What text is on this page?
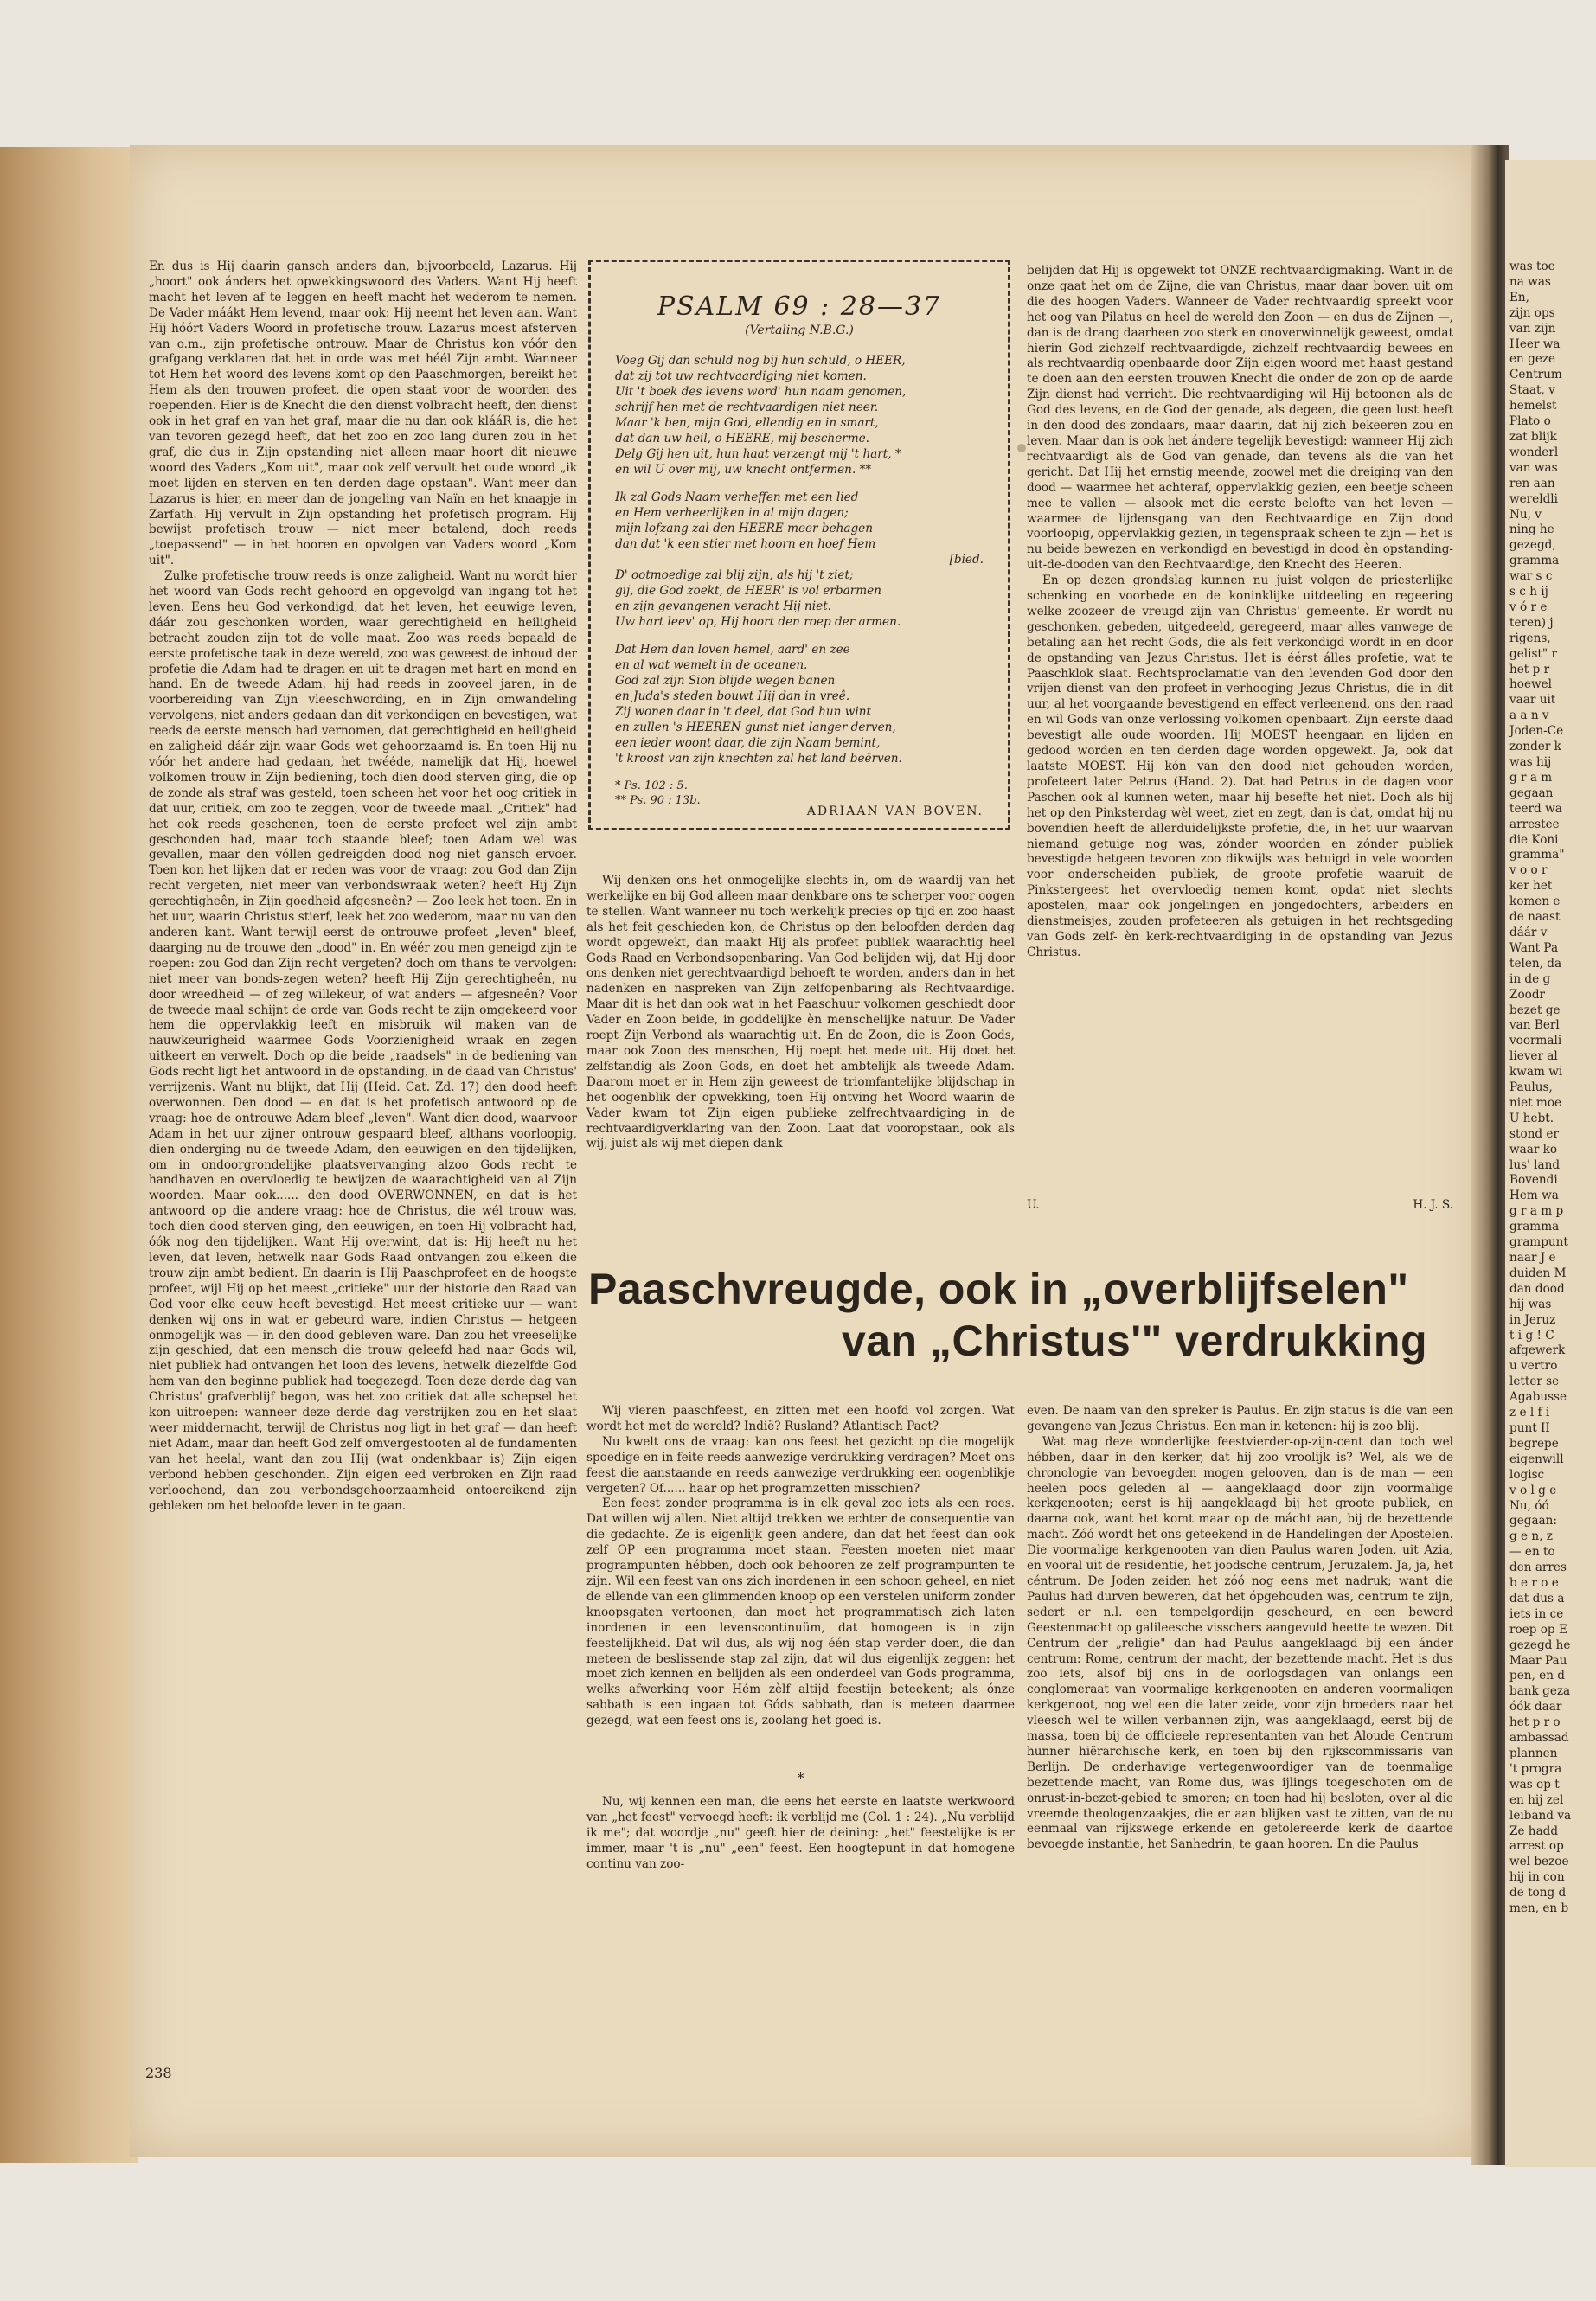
En dus is Hij daarin gansch anders dan, bijvoorbeeld, Lazarus. Hij „hoort" ook ánders het opwekkingswoord des Vaders. Want Hij heeft macht het leven af te leggen en heeft macht het wederom te nemen. De Vader máákt Hem levend, maar ook: Hij neemt het leven aan. Want Hij hóórt Vaders Woord in profetische trouw. Lazarus moest afsterven van o.m., zijn profetische ontrouw. Maar de Christus kon vóór den grafgang verklaren dat het in orde was met héél Zijn ambt. Wanneer tot Hem het woord des levens komt op den Paaschmorgen, bereikt het Hem als den trouwen profeet, die open staat voor de woorden des roependen. Hier is de Knecht die den dienst volbracht heeft, den dienst ook in het graf en van het graf, maar die nu dan ook klááR is, die het van tevoren gezegd heeft, dat het zoo en zoo lang duren zou in het graf, die dus in Zijn opstanding niet alleen maar hoort dit nieuwe woord des Vaders „Kom uit", maar ook zelf vervult het oude woord „ik moet lijden en sterven en ten derden dage opstaan". Want meer dan Lazarus is hier, en meer dan de jongeling van Naïn en het knaapje in Zarfath. Hij vervult in Zijn opstanding het profetisch program. Hij bewijst profetisch trouw — niet meer betalend, doch reeds „toepassend" — in het hooren en opvolgen van Vaders woord „Kom uit".

Zulke profetische trouw reeds is onze zaligheid. Want nu wordt hier het woord van Gods recht gehoord en opgevolgd van ingang tot het leven. Eens heu God verkondigd, dat het leven, het eeuwige leven, dáár zou geschonken worden, waar gerechtigheid en heiligheid betracht zouden zijn tot de volle maat. Zoo was reeds bepaald de eerste profetische taak in deze wereld, zoo was geweest de inhoud der profetie die Adam had te dragen en uit te dragen met hart en mond en hand. En de tweede Adam, hij had reeds in zooveel jaren, in de voorbereiding van Zijn vleeschwording, en in Zijn omwandeling vervolgens, niet anders gedaan dan dit verkondigen en bevestigen, wat reeds de eerste mensch had vernomen, dat gerechtigheid en heiligheid en zaligheid dáár zijn waar Gods wet gehoorzaamd is. En toen Hij nu vóór het andere had gedaan, het twééde, namelijk dat Hij, hoewel volkomen trouw in Zijn bediening, toch dien dood sterven ging, die op de zonde als straf was gesteld, toen scheen het voor het oog critiek in dat uur, critiek, om zoo te zeggen, voor de tweede maal. „Critiek" had het ook reeds geschenen, toen de eerste profeet wel zijn ambt geschonden had, maar toch staande bleef; toen Adam wel was gevallen, maar den vóllen gedreigden dood nog niet gansch ervoer. Toen kon het lijken dat er reden was voor de vraag: zou God dan Zijn recht vergeten, niet meer van verbondswraak weten? heeft Hij Zijn gerechtigheên, in Zijn goedheid afgesneên? — Zoo leek het toen. En in het uur, waarin Christus stierf, leek het zoo wederom, maar nu van den anderen kant. Want terwijl eerst de ontrouwe profeet „leven" bleef, daarging nu de trouwe den „dood" in. En wéér zou men geneigd zijn te roepen: zou God dan Zijn recht vergeten? doch om thans te vervolgen: niet meer van bonds-zegen weten? heeft Hij Zijn gerechtigheên, nu door wreedheid — of zeg willekeur, of wat anders — afgesneên? Voor de tweede maal schijnt de orde van Gods recht te zijn omgekeerd voor hem die oppervlakkig leeft en misbruik wil maken van de nauwkeurigheid waarmee Gods Voorzienigheid wraak en zegen uitkeert en verwelt. Doch op die beide „raadsels" in de bediening van Gods recht ligt het antwoord in de opstanding, in de daad van Christus' verrijzenis. Want nu blijkt, dat Hij (Heid. Cat. Zd. 17) den dood heeft overwonnen. Den dood — en dat is het profetisch antwoord op de vraag: hoe de ontrouwe Adam bleef „leven". Want dien dood, waarvoor Adam in het uur zijner ontrouw gespaard bleef, althans voorloopig, dien onderging nu de tweede Adam, den eeuwigen en den tijdelijken, om in ondoorgrondelijke plaatsvervanging alzoo Gods recht te handhaven en overvloedig te bewijzen de waarachtigheid van al Zijn woorden. Maar ook...... den dood OVERWONNEN, en dat is het antwoord op die andere vraag: hoe de Christus, die wél trouw was, toch dien dood sterven ging, den eeuwigen, en toen Hij volbracht had, óók nog den tijdelijken. Want Hij overwint, dat is: Hij heeft nu het leven, dat leven, hetwelk naar Gods Raad ontvangen zou elkeen die trouw zijn ambt bedient. En daarin is Hij Paaschprofeet en de hoogste profeet, wijl Hij op het meest „critieke" uur der historie den Raad van God voor elke eeuw heeft bevestigd. Het meest critieke uur — want denken wij ons in wat er gebeurd ware, indien Christus — hetgeen onmogelijk was — in den dood gebleven ware. Dan zou het vreeselijke zijn geschied, dat een mensch die trouw geleefd had naar Gods wil, niet publiek had ontvangen het loon des levens, hetwelk diezelfde God hem van den beginne publiek had toegezegd. Toen deze derde dag van Christus' grafverblijf begon, was het zoo critiek dat alle schepsel het kon uitroepen: wanneer deze derde dag verstrijken zou en het slaat weer middernacht, terwijl de Christus nog ligt in het graf — dan heeft niet Adam, maar dan heeft God zelf omvergestooten al de fundamenten van het heelal, want dan zou Hij (wat ondenkbaar is) Zijn eigen verbond hebben geschonden. Zijn eigen eed verbroken en Zijn raad verloochend, dan zou verbondsgehoorzaamheid ontoereikend zijn gebleken om het beloofde leven in te gaan.

PSALM 69 : 28—37
(Vertaling N.B.G.)
Voeg Gij dan schuld nog bij hun schuld, o HEER,
dat zij tot uw rechtvaardiging niet komen.
Uit 't boek des levens word' hun naam genomen,
schrijf hen met de rechtvaardigen niet neer.
Maar 'k ben, mijn God, ellendig en in smart,
dat dan uw heil, o HEERE, mij bescherme.
Delg Gij hen uit, hun haat verzengt mij 't hart, *
en wil U over mij, uw knecht ontfermen. **
Ik zal Gods Naam verheffen met een lied
en Hem verheerlijken in al mijn dagen;
mijn lofzang zal den HEERE meer behagen
dan dat 'k een stier met hoorn en hoef Hem
[bied.
D' ootmoedige zal blij zijn, als hij 't ziet;
gij, die God zoekt, de HEER' is vol erbarmen
en zijn gevangenen veracht Hij niet.
Uw hart leev' op, Hij hoort den roep der armen.
Dat Hem dan loven hemel, aard' en zee
en al wat wemelt in de oceanen.
God zal zijn Sion blijde wegen banen
en Juda's steden bouwt Hij dan in vreê.
Zij wonen daar in 't deel, dat God hun wint
en zullen 's HEEREN gunst niet langer derven,
een ieder woont daar, die zijn Naam bemint,
't kroost van zijn knechten zal het land beërven.
* Ps. 102 : 5.
** Ps. 90 : 13b.
ADRIAAN VAN BOVEN.

Wij denken ons het onmogelijke slechts in, om de waardij van het werkelijke en bij God alleen maar denkbare ons te scherper voor oogen te stellen. Want wanneer nu toch werkelijk precies op tijd en zoo haast als het feit geschieden kon, de Christus op den beloofden derden dag wordt opgewekt, dan maakt Hij als profeet publiek waarachtig heel Gods Raad en Verbondsopenbaring. Van God belijden wij, dat Hij door ons denken niet gerechtvaardigd behoeft te worden, anders dan in het nadenken en naspreken van Zijn zelfopenbaring als Rechtvaardige. Maar dit is het dan ook wat in het Paaschuur volkomen geschiedt door Vader en Zoon beide, in goddelijke èn menschelijke natuur. De Vader roept Zijn Verbond als waarachtig uit. En de Zoon, die is Zoon Gods, maar ook Zoon des menschen, Hij roept het mede uit. Hij doet het zelfstandig als Zoon Gods, en doet het ambtelijk als tweede Adam. Daarom moet er in Hem zijn geweest de triomfantelijke blijdschap in het oogenblik der opwekking, toen Hij ontving het Woord waarin de Vader kwam tot Zijn eigen publieke zelfrechtvaardiging in de rechtvaardigverklaring van den Zoon. Laat dat vooropstaan, ook als wij, juist als wij met diepen dank

belijden dat Hij is opgewekt tot ONZE rechtvaardigmaking. Want in de onze gaat het om de Zijne, die van Christus, maar daar boven uit om die des hoogen Vaders. Wanneer de Vader rechtvaardig spreekt voor het oog van Pilatus en heel de wereld den Zoon — en dus de Zijnen —, dan is de drang daarheen zoo sterk en onoverwinnelijk geweest, omdat hierin God zichzelf rechtvaardigde, zichzelf rechtvaardig bewees en als rechtvaardig openbaarde door Zijn eigen woord met haast gestand te doen aan den eersten trouwen Knecht die onder de zon op de aarde Zijn dienst had verricht. Die rechtvaardiging wil Hij betoonen als de God des levens, en de God der genade, als degeen, die geen lust heeft in den dood des zondaars, maar daarin, dat hij zich bekeeren zou en leven. Maar dan is ook het ándere tegelijk bevestigd: wanneer Hij zich rechtvaardigt als de God van genade, dan tevens als die van het gericht. Dat Hij het ernstig meende, zoowel met die dreiging van den dood — waarmee het achteraf, oppervlakkig gezien, een beetje scheen mee te vallen — alsook met die eerste belofte van het leven — waarmee de lijdensgang van den Rechtvaardige en Zijn dood voorloopig, oppervlakkig gezien, in tegenspraak scheen te zijn — het is nu beide bewezen en verkondigd en bevestigd in dood èn opstanding-uit-de-dooden van den Rechtvaardige, den Knecht des Heeren.

En op dezen grondslag kunnen nu juist volgen de priesterlijke schenking en voorbede en de koninklijke uitdeeling en regeering welke zoozeer de vreugd zijn van Christus' gemeente. Er wordt nu geschonken, gebeden, uitgedeeld, geregeerd, maar alles vanwege de betaling aan het recht Gods, die als feit verkondigd wordt in en door de opstanding van Jezus Christus. Het is éérst álles profetie, wat te Paaschklok slaat. Rechtsproclamatie van den levenden God door den vrijen dienst van den profeet-in-verhooging Jezus Christus, die in dit uur, al het voorgaande bevestigend en effect verleenend, ons den raad en wil Gods van onze verlossing volkomen openbaart. Zijn eerste daad bevestigt alle oude woorden. Hij MOEST heengaan en lijden en gedood worden en ten derden dage worden opgewekt. Ja, ook dat laatste MOEST. Hij kón van den dood niet gehouden worden, profeteert later Petrus (Hand. 2). Dat had Petrus in de dagen voor Paschen ook al kunnen weten, maar hij besefte het niet. Doch als hij het op den Pinksterdag wèl weet, ziet en zegt, dan is dat, omdat hij nu bovendien heeft de allerduidelijkste profetie, die, in het uur waarvan niemand getuige nog was, zónder woorden en zónder publiek bevestigde hetgeen tevoren zoo dikwijls was betuigd in vele woorden voor onderscheiden publiek, de groote profetie waaruit de Pinkstergeest het overvloedig nemen komt, opdat niet slechts apostelen, maar ook jongelingen en jongedochters, arbeiders en dienstmeisjes, zouden profeteeren als getuigen in het rechtsgeding van Gods zelf- èn kerk-rechtvaardiging in de opstanding van Jezus Christus.

U.	H. J. S.
Paaschvreugde, ook in „overblijfselen"
van „Christus'" verdrukking

Wij vieren paaschfeest, en zitten met een hoofd vol zorgen. Wat wordt het met de wereld? Indië? Rusland? Atlantisch Pact?

Nu kwelt ons de vraag: kan ons feest het gezicht op die mogelijk spoedige en in feite reeds aanwezige verdrukking verdragen? Moet ons feest die aanstaande en reeds aanwezige verdrukking een oogenblikje vergeten? Of...... haar op het programzetten misschien?

Een feest zonder programma is in elk geval zoo iets als een roes. Dat willen wij allen. Niet altijd trekken we echter de consequentie van die gedachte. Ze is eigenlijk geen andere, dan dat het feest dan ook zelf OP een programma moet staan. Feesten moeten niet maar programpunten hébben, doch ook behooren ze zelf programpunten te zijn. Wil een feest van ons zich inordenen in een schoon geheel, en niet de ellende van een glimmenden knoop op een verstelen uniform zonder knoopsgaten vertoonen, dan moet het programmatisch zich laten inordenen in een levenscontinuüm, dat homogeen is in zijn feestelijkheid. Dat wil dus, als wij nog één stap verder doen, die dan meteen de beslissende stap zal zijn, dat wil dus eigenlijk zeggen: het moet zich kennen en belijden als een onderdeel van Gods programma, welks afwerking voor Hém zèlf altijd feestijn beteekent; als ónze sabbath is een ingaan tot Góds sabbath, dan is meteen daarmee gezegd, wat een feest ons is, zoolang het goed is.

*

Nu, wij kennen een man, die eens het eerste en laatste werkwoord van „het feest" vervoegd heeft: ik verblijd me (Col. 1 : 24). „Nu verblijd ik me"; dat woordje „nu" geeft hier de deining: „het" feestelijke is er immer, maar 't is „nu" „een" feest. Een hoogtepunt in dat homogene continu van zoo-

even. De naam van den spreker is Paulus. En zijn status is die van een gevangene van Jezus Christus. Een man in ketenen: hij is zoo blij.

Wat mag deze wonderlijke feestvierder-op-zijn-cent dan toch wel hébben, daar in den kerker, dat hij zoo vroolijk is? Wel, als we de chronologie van bevoegden mogen gelooven, dan is de man — een heelen poos geleden al — aangeklaagd door zijn voormalige kerkgenooten; eerst is hij aangeklaagd bij het groote publiek, en daarna ook, want het komt maar op de mácht aan, bij de bezettende macht. Zóó wordt het ons geteekend in de Handelingen der Apostelen. Die voormalige kerkgenooten van dien Paulus waren Joden, uit Azia, en vooral uit de residentie, het joodsche centrum, Jeruzalem. Ja, ja, het céntrum. De Joden zeiden het zóó nog eens met nadruk; want die Paulus had durven beweren, dat het ópgehouden was, centrum te zijn, sedert er n.l. een tempelgordijn gescheurd, en een bewerd Geestenmacht op galileesche visschers aangevuld heette te wezen. Dit Centrum der „religie" dan had Paulus aangeklaagd bij een ánder centrum: Rome, centrum der macht, der bezettende macht. Het is dus zoo iets, alsof bij ons in de oorlogsdagen van onlangs een conglomeraat van voormalige kerkgenooten en anderen voormaligen kerkgenoot, nog wel een die later zeide, voor zijn broeders naar het vleesch wel te willen verbannen zijn, was aangeklaagd, eerst bij de massa, toen bij de officieele representanten van het Aloude Centrum hunner hiërarchische kerk, en toen bij den rijkscommissaris van Berlijn. De onderhavige vertegenwoordiger van de toenmalige bezettende macht, van Rome dus, was ijlings toegeschoten om de onrust-in-bezet-gebied te smoren; en toen had hij besloten, over al die vreemde theologenzaakjes, die er aan blijken vast te zitten, van de nu eenmaal van rijkswege erkende en getolereerde kerk de daartoe bevoegde instantie, het Sanhedrin, te gaan hooren. En die Paulus

238
was toe
na was
En,
zijn ops
van zijn
Heer wa
en geze
Centrum
Staat, v
hemelst
Plato o
zat blijk
wonderl
van was
ren aan
wereldli
Nu, v
ning he
gezegd,
gramma
war s c
s c h ij
v ó r e
teren) j
rigens,
gelist" r
het p r
hoewel
vaar uit
a a n v
Joden-Ce
zonder k
was hij
g r a m
gegaan
teerd wa
arrestee
die Koni
gramma"
v o o r
ker het
komen e
de naast
dáár v
Want Pa
telen, da
in de g
Zoodr
bezet ge
van Berl
voormali
liever al
kwam wi
Paulus,
niet moe
U hebt.
stond er
waar ko
lus' land
Bovendi
Hem wa
g r a m p
gramma
grampunt
naar J e
duiden M
dan dood
hij was
in Jeruz
t i g ! C
afgewerk
u vertro
letter se
Agabusse
z e l f i
punt II
begrepe
eigenwill
logisc
v o l g e
Nu, óó
gegaan:
g e n, z
— en to
den arres
b e r o e
dat dus a
iets in ce
roep op E
gezegd he
Maar Pau
pen, en d
bank geza
óók daar
het p r o
ambassad
plannen
't progra
was op t
en hij zel
leiband va
Ze hadd
arrest op
wel bezoe
hij in con
de tong d
men, en b
